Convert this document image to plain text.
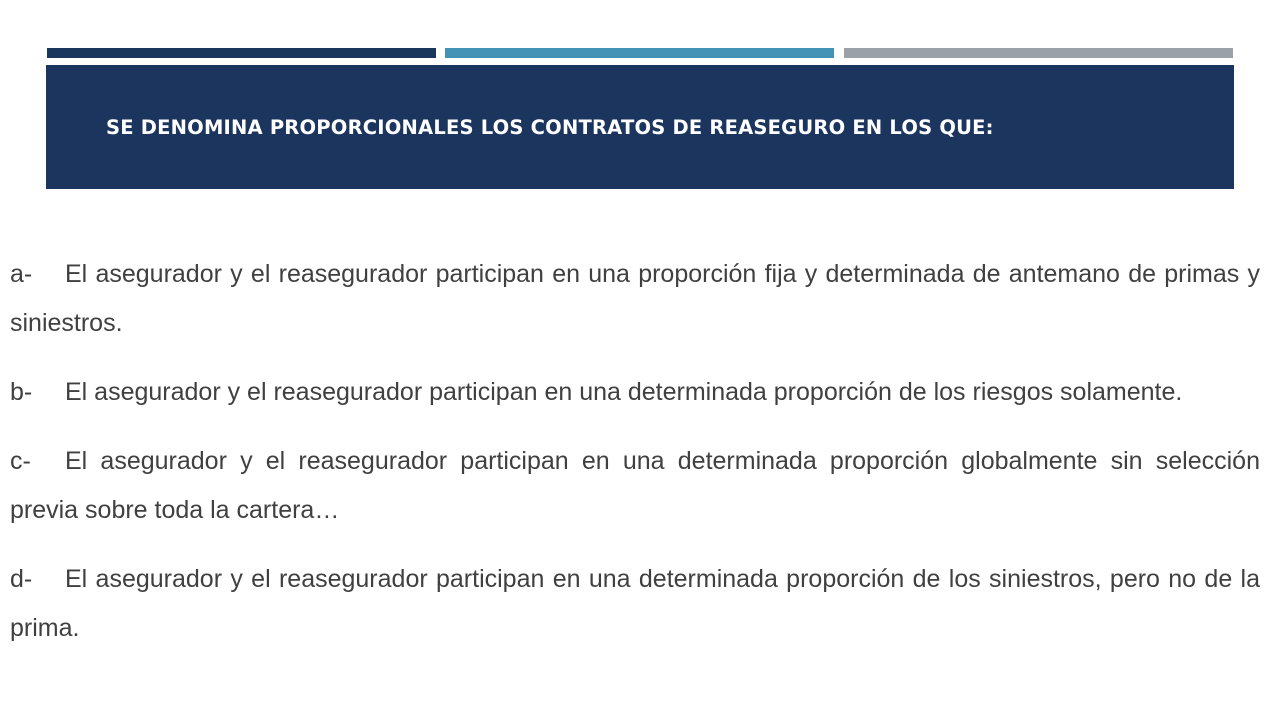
SE DENOMINA PROPORCIONALES LOS CONTRATOS DE REASEGURO EN LOS QUE:

a- El asegurador y el reasegurador participan en una proporción fija y determinada de antemano de primas y siniestros.

b- El asegurador y el reasegurador participan en una determinada proporción de los riesgos solamente.

c- El asegurador y el reasegurador participan en una determinada proporción globalmente sin selección previa sobre toda la cartera…

d- El asegurador y el reasegurador participan en una determinada proporción de los siniestros, pero no de la prima.
